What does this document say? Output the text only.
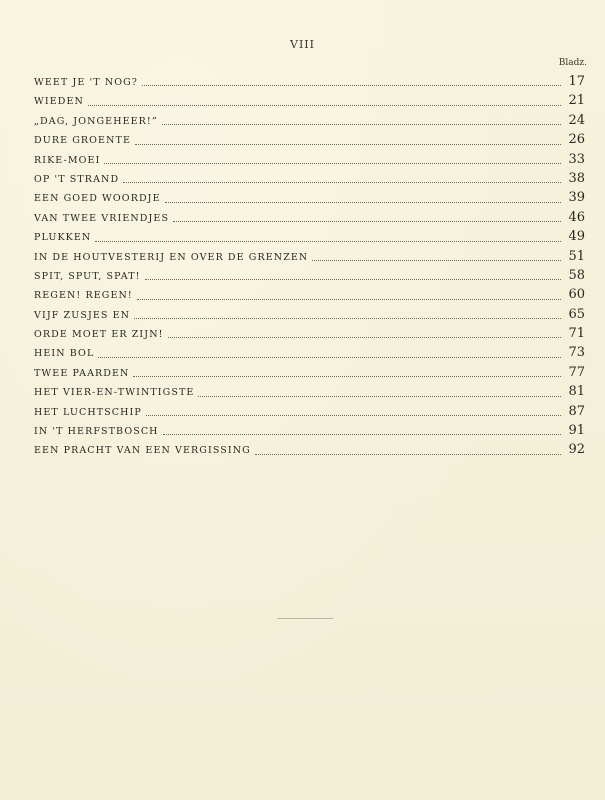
VIII
Bladz.
WEET JE 'T NOG?	17
WIEDEN	21
„DAG, JONGEHEER!”	24
DURE GROENTE	26
RIKE-MOEI	33
OP 'T STRAND	38
EEN GOED WOORDJE	39
VAN TWEE VRIENDJES	46
PLUKKEN	49
IN DE HOUTVESTERIJ EN OVER DE GRENZEN	51
SPIT, SPUT, SPAT!	58
REGEN! REGEN!	60
VIJF ZUSJES EN	65
ORDE MOET ER ZIJN!	71
HEIN BOL	73
TWEE PAARDEN	77
HET VIER-EN-TWINTIGSTE	81
HET LUCHTSCHIP	87
IN 'T HERFSTBOSCH	91
EEN PRACHT VAN EEN VERGISSING	92
